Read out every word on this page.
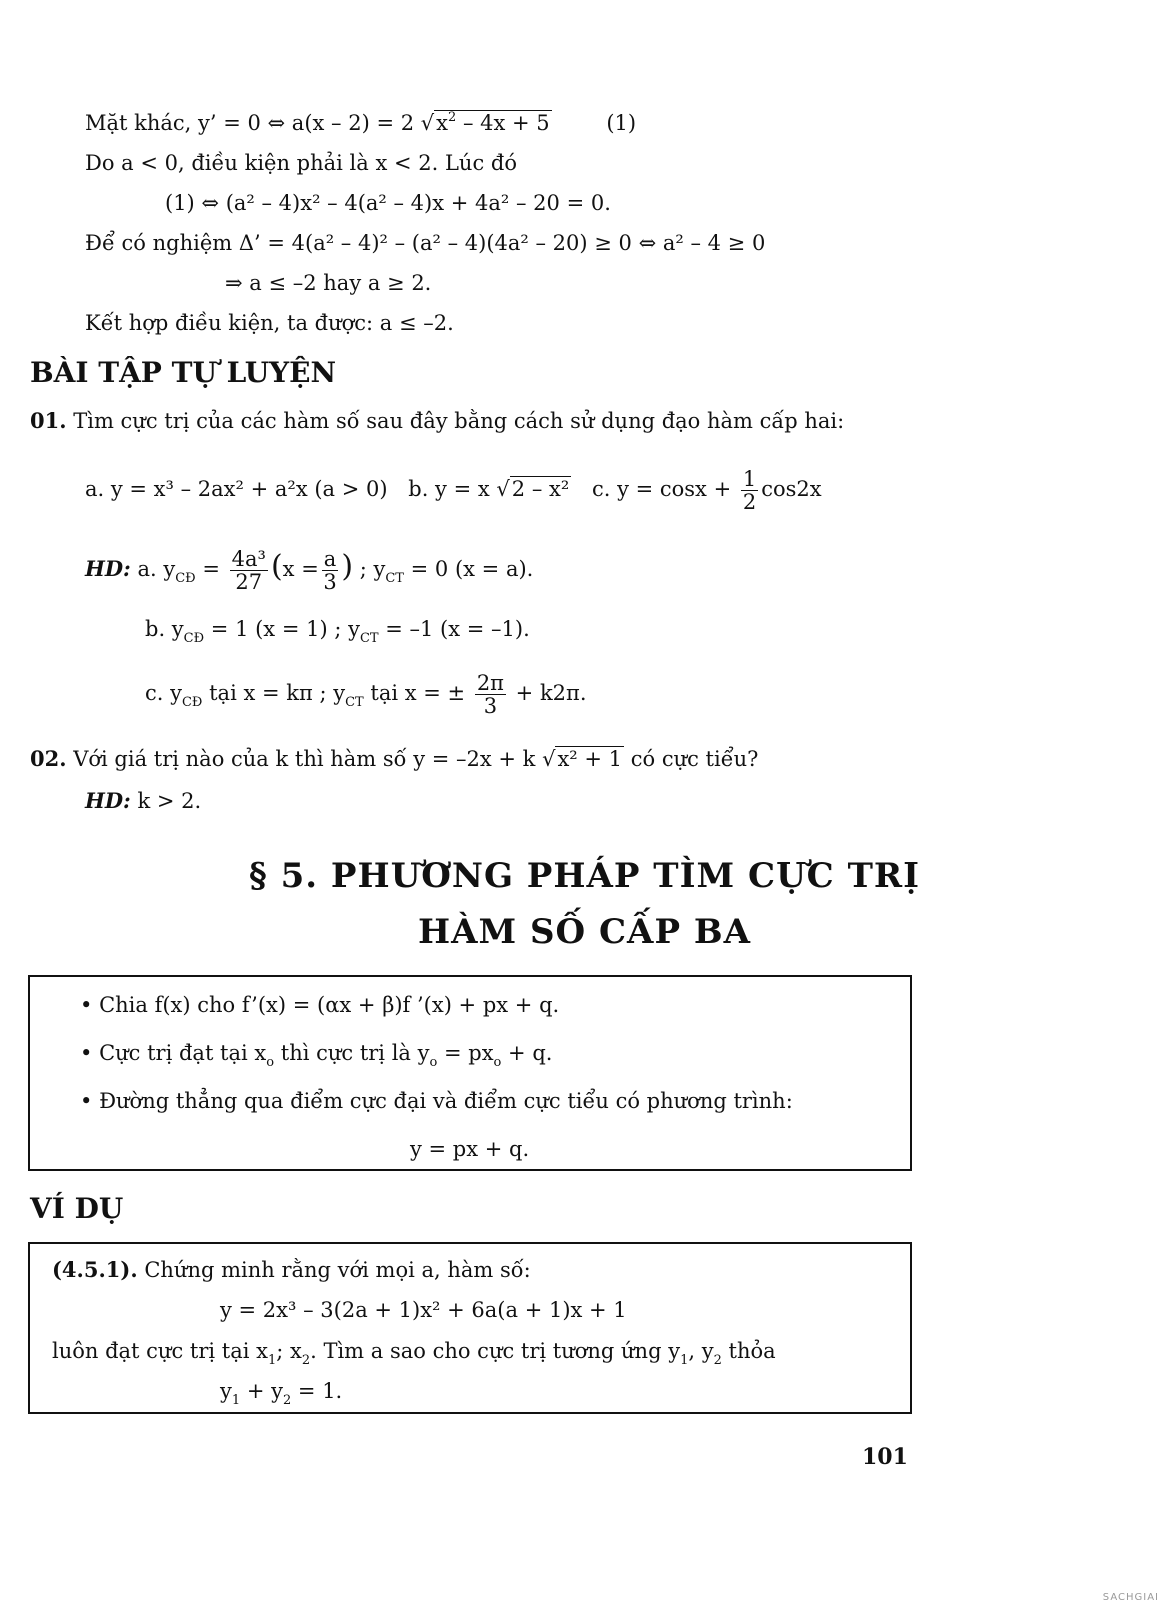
Mặt khác, y’ = 0 ⇔ a(x – 2) = 2 $√x^2 - 4x + 5$	(1)
Do a < 0, điều kiện phải là x < 2. Lúc đó
(1) ⇔ (a² – 4)x² – 4(a² – 4)x + 4a² – 20 = 0.
Để có nghiệm Δ’ = 4(a² – 4)² – (a² – 4)(4a² – 20) ≥ 0 ⇔ a² – 4 ≥ 0
⇒ a ≤ –2 hay a ≥ 2.
Kết hợp điều kiện, ta được: a ≤ –2.
BÀI TẬP TỰ LUYỆN
01. Tìm cực trị của các hàm số sau đây bằng cách sử dụng đạo hàm cấp hai:
a. y = x³ – 2ax² + a²x (a > 0) b. y = x √2 – x² c. $y = \cos x + \frac{1}{2} \cos 2x$
HD: a. $y_{CĐ} = \frac{\text{4a³}}{27} (x = \frac{a}{3}$ ) ; $y_{CT} = 0$ (x = a).
b. $y_{CĐ} = 1$ (x = 1) ; $y_{CT} = -1$ (x = –1).
c. $y_{CĐ}$ tại x = kπ ; $y_{CT}$ tại x = ± $\frac{2\pi}{3} + k2\pi$.
02. Với giá trị nào của k thì hàm số y = –2x + k √x² + 1 có cực tiểu?
HD: k > 2.
§ 5. PHƯƠNG PHÁP TÌM CỰC TRỊ
HÀM SỐ CẤP BA
• Chia f(x) cho f’(x) = (αx + β)f ’(x) + px + q.
• Cực trị đạt tại $x_o$ thì cực trị là $y_o = px_o + q$.
• Đường thẳng qua điểm cực đại và điểm cực tiểu có phương trình:
y = px + q.
VÍ DỤ
(4.5.1). Chứng minh rằng với mọi a, hàm số:
y = 2x³ – 3(2a + 1)x² + 6a(a + 1)x + 1
luôn đạt cực trị tại $x_1$; $x_2$. Tìm a sao cho cực trị tương ứng $y_1$, $y_2$ thỏa
$y_1 + y_2 = 1$.
101
SACHGIAI
